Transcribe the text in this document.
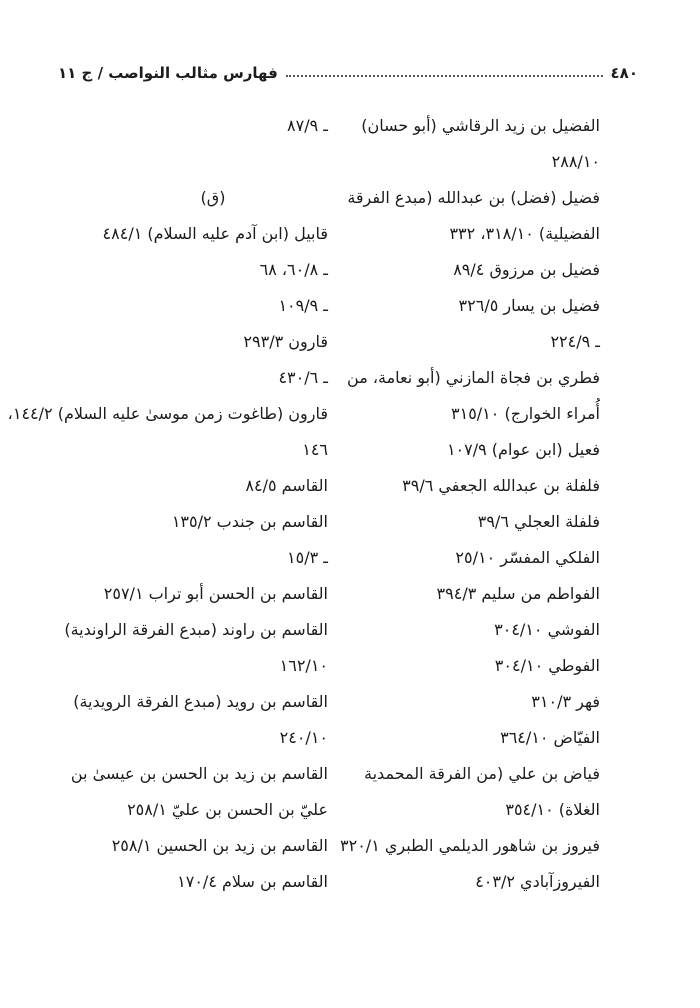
٤٨٠
فهارس مثالب النواصب / ج ١١
الفضيل بن زيد الرقاشي (أبو حسان)
٢٨٨/١٠
فضيل (فضل) بن عبدالله (مبدع الفرقة
الفضيلية) ٣١٨/١٠، ٣٣٢
فضيل بن مرزوق ٨٩/٤
فضيل بن يسار ٣٢٦/٥
ـ ٢٢٤/٩
فطري بن فجاة المازني (أبو نعامة، من
أُمراء الخوارج) ٣١٥/١٠
فعيل (ابن عوام) ١٠٧/٩
فلفلة بن عبدالله الجعفي ٣٩/٦
فلفلة العجلي ٣٩/٦
الفلكي المفسّر ٢٥/١٠
الفواطم من سليم ٣٩٤/٣
الفوشي ٣٠٤/١٠
الفوطي ٣٠٤/١٠
فهر ٣١٠/٣
الفيّاض ٣٦٤/١٠
فياض بن علي (من الفرقة المحمدية
الغلاة) ٣٥٤/١٠
فيروز بن شاهور الديلمي الطبري ٣٢٠/١
الفيروزآبادي ٤٠٣/٢
ـ ٨٧/٩
(ق)
قابيل (ابن آدم عليه السلام) ٤٨٤/١
ـ ٦٠/٨، ٦٨
ـ ١٠٩/٩
قارون ٢٩٣/٣
ـ ٤٣٠/٦
قارون (طاغوت زمن موسىٰ عليه السلام) ١٤٤/٢،
١٤٦
القاسم ٨٤/٥
القاسم بن جندب ١٣٥/٢
ـ ١٥/٣
القاسم بن الحسن أبو تراب ٢٥٧/١
القاسم بن راوند (مبدع الفرقة الراوندية)
١٦٢/١٠
القاسم بن رويد (مبدع الفرقة الرويدية)
٢٤٠/١٠
القاسم بن زيد بن الحسن بن عيسىٰ بن
عليّ بن الحسن بن عليّ ٢٥٨/١
القاسم بن زيد بن الحسين ٢٥٨/١
القاسم بن سلام ١٧٠/٤
